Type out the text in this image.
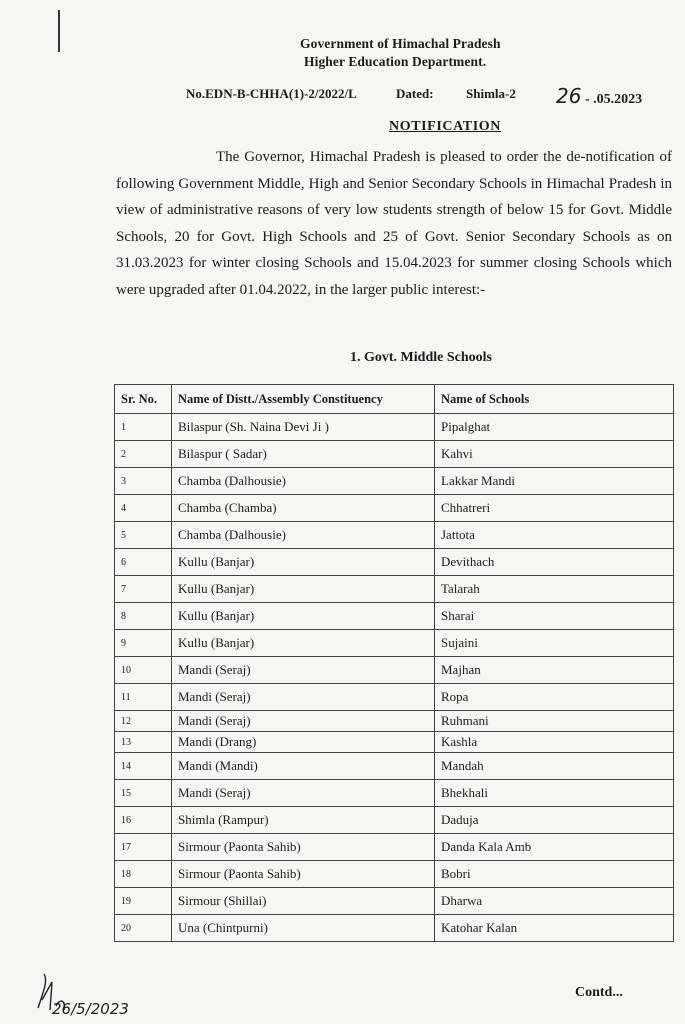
Government of Himachal Pradesh
Higher Education Department.
No.EDN-B-CHHA(1)-2/2022/L	Dated: Shimla-2 26 - .05.2023
NOTIFICATION
The Governor, Himachal Pradesh is pleased to order the de-notification of following Government Middle, High and Senior Secondary Schools in Himachal Pradesh in view of administrative reasons of very low students strength of below 15 for Govt. Middle Schools, 20 for Govt. High Schools and 25 of Govt. Senior Secondary Schools as on 31.03.2023 for winter closing Schools and 15.04.2023 for summer closing Schools which were upgraded after 01.04.2022, in the larger public interest:-
1. Govt. Middle Schools
Sr. No.	Name of Distt./Assembly Constituency	Name of Schools
1	Bilaspur (Sh. Naina Devi Ji )	Pipalghat
2	Bilaspur ( Sadar)	Kahvi
3	Chamba (Dalhousie)	Lakkar Mandi
4	Chamba (Chamba)	Chhatreri
5	Chamba (Dalhousie)	Jattota
6	Kullu (Banjar)	Devithach
7	Kullu (Banjar)	Talarah
8	Kullu (Banjar)	Sharai
9	Kullu (Banjar)	Sujaini
10	Mandi (Seraj)	Majhan
11	Mandi (Seraj)	Ropa
12	Mandi (Seraj)	Ruhmani
13	Mandi (Drang)	Kashla
14	Mandi (Mandi)	Mandah
15	Mandi (Seraj)	Bhekhali
16	Shimla (Rampur)	Daduja
17	Sirmour (Paonta Sahib)	Danda Kala Amb
18	Sirmour (Paonta Sahib)	Bobri
19	Sirmour (Shillai)	Dharwa
20	Una (Chintpurni)	Katohar Kalan
26/5/2023
Contd...
